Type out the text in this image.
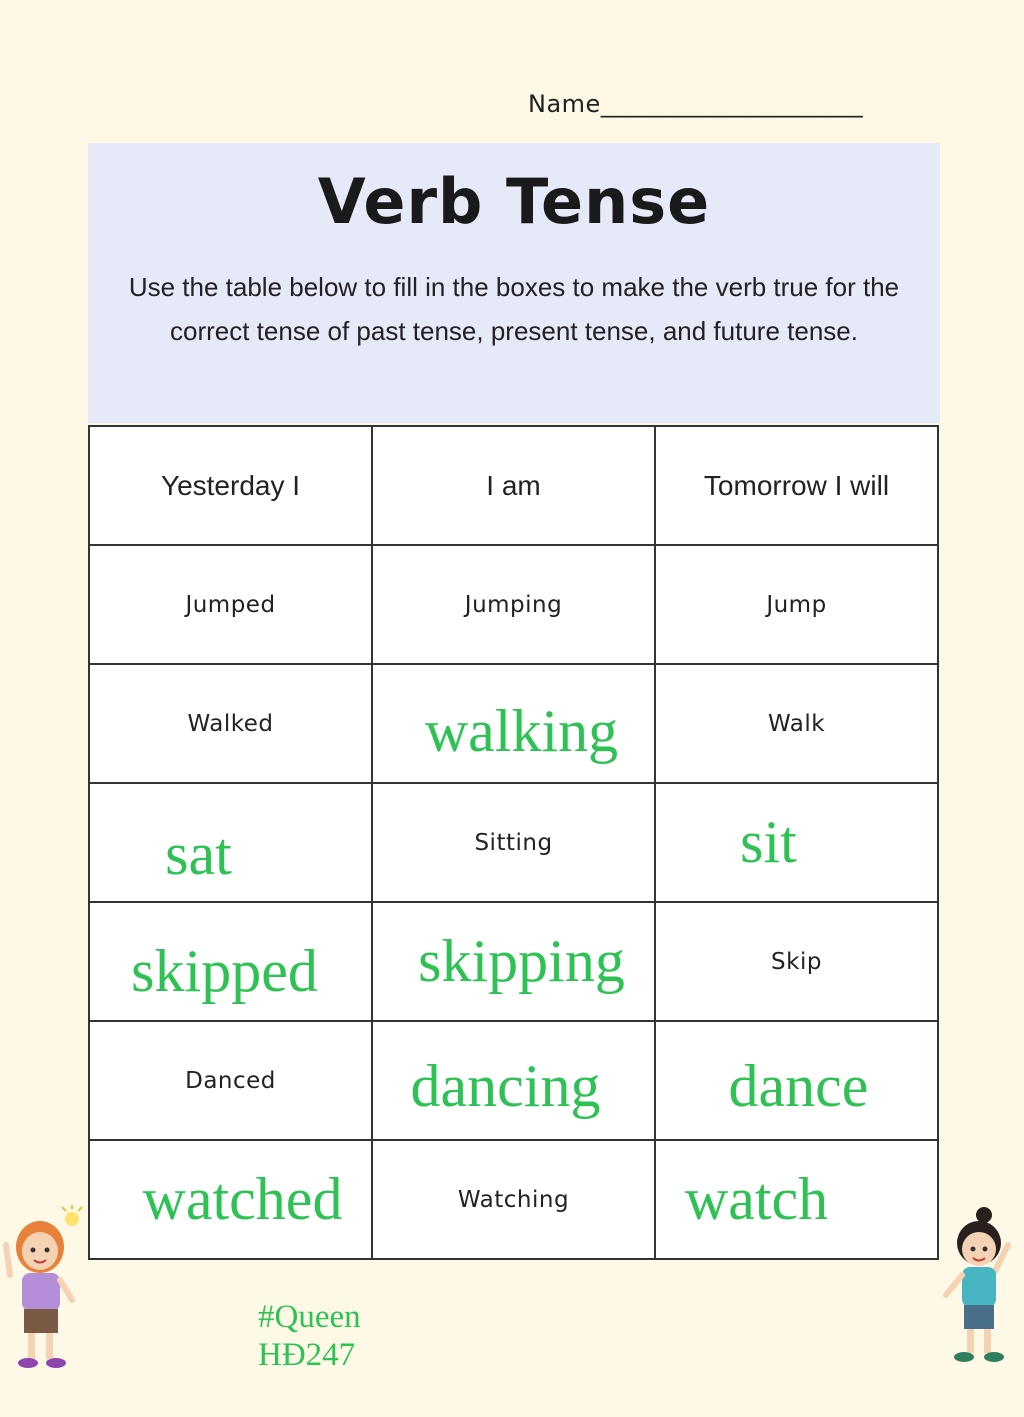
Name_____________________
Verb Tense
Use the table below to fill in the boxes to make the verb true for the correct tense of past tense, present tense, and future tense.
Yesterday I	I am	Tomorrow I will
Jumped	Jumping	Jump
Walked	walking	Walk
sat	Sitting	sit
skipped	skipping	Skip
Danced	dancing	dance
watched	Watching	watch
#Queen
HĐ247
